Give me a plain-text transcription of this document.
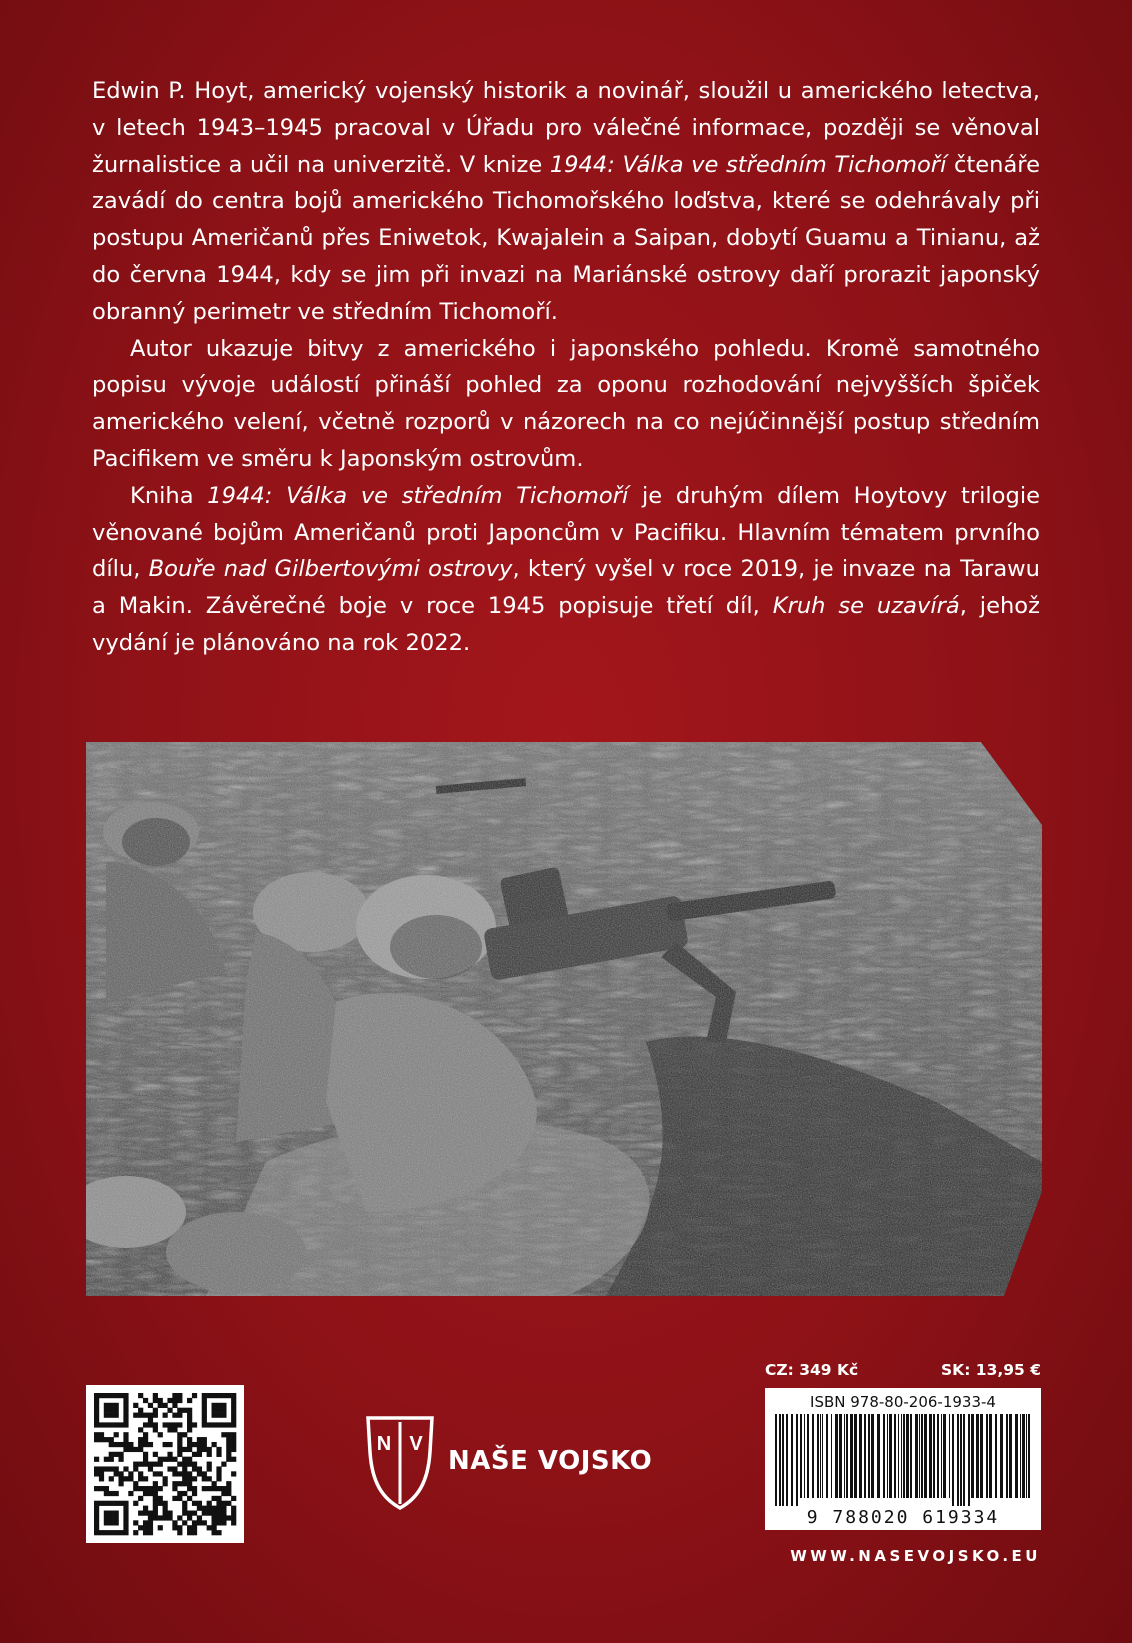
Edwin P. Hoyt, americký vojenský historik a novinář, sloužil u amerického letectva, v letech 1943–1945 pracoval v Úřadu pro válečné informace, později se věnoval žurnalistice a učil na univerzitě. V knize 1944: Válka ve středním Tichomoří čtenáře zavádí do centra bojů amerického Tichomořského loďstva, které se odehrávaly při postupu Američanů přes Eniwetok, Kwajalein a Saipan, dobytí Guamu a Tinianu, až do června 1944, kdy se jim při invazi na Mariánské ostrovy daří prorazit japonský obranný perimetr ve středním Tichomoří.

Autor ukazuje bitvy z amerického i japonského pohledu. Kromě samotného popisu vývoje událostí přináší pohled za oponu rozhodování nejvyšších špiček amerického velení, včetně rozporů v názorech na co nejúčinnější postup středním Pacifikem ve směru k Japonským ostrovům.

Kniha 1944: Válka ve středním Tichomoří je druhým dílem Hoytovy trilogie věnované bojům Američanů proti Japoncům v Pacifiku. Hlavním tématem prvního dílu, Bouře nad Gilbertovými ostrovy, který vyšel v roce 2019, je invaze na Tarawu a Makin. Závěrečné boje v roce 1945 popisuje třetí díl, Kruh se uzavírá, jehož vydání je plánováno na rok 2022.

N V
NAŠE VOJSKO
CZ: 349 Kč	SK: 13,95 €
ISBN 978-80-206-1933-4
9 788020 619334
WWW.NASEVOJSKO.EU
